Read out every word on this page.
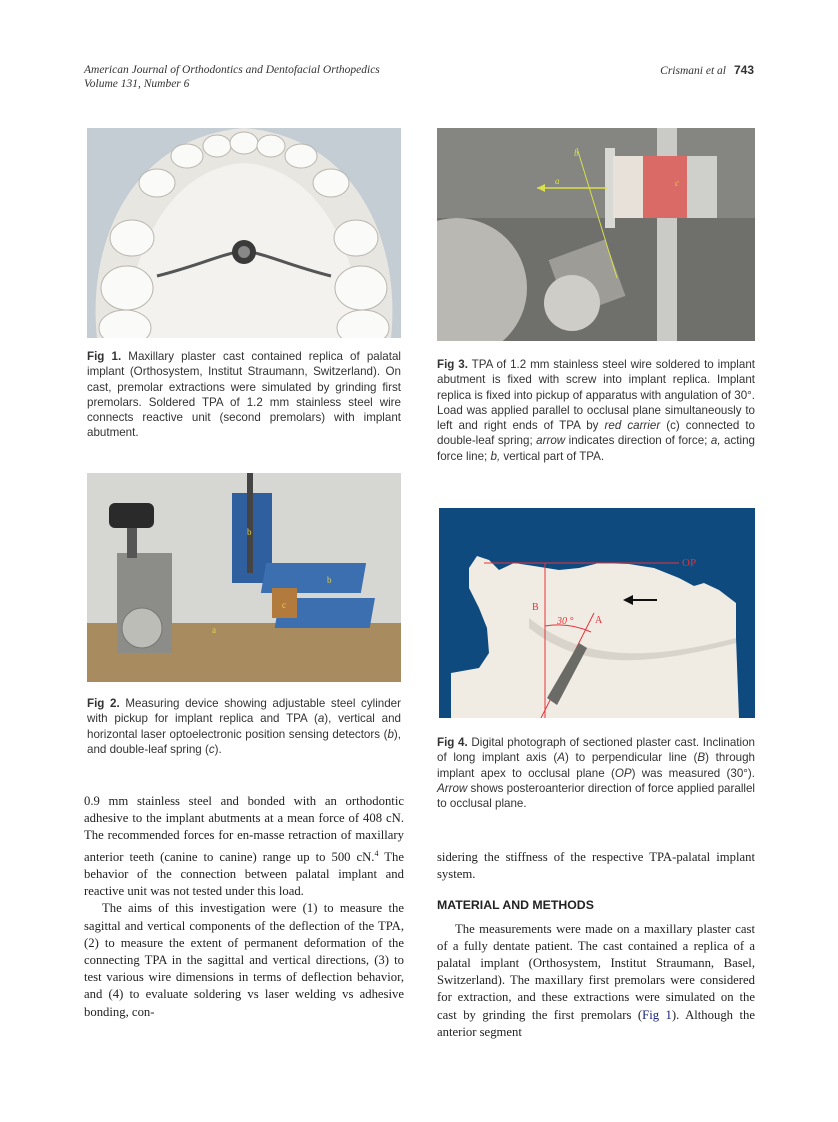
American Journal of Orthodontics and Dentofacial Orthopedics
Volume 131, Number 6
Crismani et al 743
Fig 1. Maxillary plaster cast contained replica of palatal implant (Orthosystem, Institut Straumann, Switzerland). On cast, premolar extractions were simulated by grinding first premolars. Soldered TPA of 1.2 mm stainless steel wire connects reactive unit (second premolars) with implant abutment.
b
a	c
Fig 3. TPA of 1.2 mm stainless steel wire soldered to implant abutment is fixed with screw into implant replica. Implant replica is fixed into pickup of apparatus with angulation of 30°. Load was applied parallel to occlusal plane simultaneously to left and right ends of TPA by red carrier (c) connected to double-leaf spring; arrow indicates direction of force; a, acting force line; b, vertical part of TPA.
b
b
c
a
Fig 2. Measuring device showing adjustable steel cylinder with pickup for implant replica and TPA (a), vertical and horizontal laser optoelectronic position sensing detectors (b), and double-leaf spring (c).
OP
B
A
30 °
Fig 4. Digital photograph of sectioned plaster cast. Inclination of long implant axis (A) to perpendicular line (B) through implant apex to occlusal plane (OP) was measured (30°). Arrow shows posteroanterior direction of force applied parallel to occlusal plane.

0.9 mm stainless steel and bonded with an orthodontic adhesive to the implant abutments at a mean force of 408 cN. The recommended forces for en-masse retraction of maxillary anterior teeth (canine to canine) range up to 500 cN.$^4$ The behavior of the connection between palatal implant and reactive unit was not tested under this load.

The aims of this investigation were (1) to measure the sagittal and vertical components of the deflection of the TPA, (2) to measure the extent of permanent deformation of the connecting TPA in the sagittal and vertical directions, (3) to test various wire dimensions in terms of deflection behavior, and (4) to evaluate soldering vs laser welding vs adhesive bonding, con-

sidering the stiffness of the respective TPA-palatal implant system.

MATERIAL AND METHODS

The measurements were made on a maxillary plaster cast of a fully dentate patient. The cast contained a replica of a palatal implant (Orthosystem, Institut Straumann, Basel, Switzerland). The maxillary first premolars were considered for extraction, and these extractions were simulated on the cast by grinding the first premolars (Fig 1). Although the anterior segment
